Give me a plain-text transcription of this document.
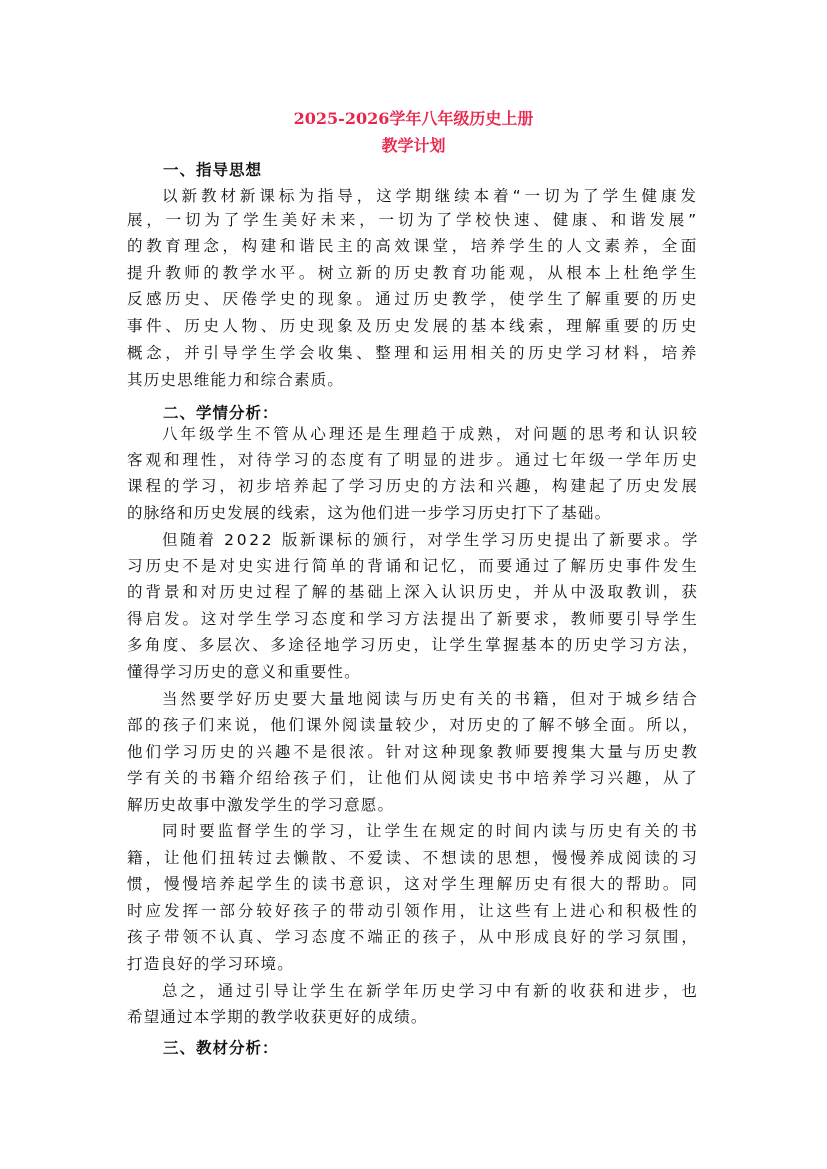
2025-2026学年八年级历史上册
教学计划
一、指导思想
以新教材新课标为指导，这学期继续本着“一切为了学生健康发
展，一切为了学生美好未来，一切为了学校快速、健康、和谐发展”
的教育理念，构建和谐民主的高效课堂，培养学生的人文素养，全面
提升教师的教学水平。树立新的历史教育功能观，从根本上杜绝学生
反感历史、厌倦学史的现象。通过历史教学，使学生了解重要的历史
事件、历史人物、历史现象及历史发展的基本线索，理解重要的历史
概念，并引导学生学会收集、整理和运用相关的历史学习材料，培养
其历史思维能力和综合素质。
二、学情分析：
八年级学生不管从心理还是生理趋于成熟，对问题的思考和认识较
客观和理性，对待学习的态度有了明显的进步。通过七年级一学年历史
课程的学习，初步培养起了学习历史的方法和兴趣，构建起了历史发展
的脉络和历史发展的线索，这为他们进一步学习历史打下了基础。
但随着 2022 版新课标的颁行，对学生学习历史提出了新要求。学
习历史不是对史实进行简单的背诵和记忆，而要通过了解历史事件发生
的背景和对历史过程了解的基础上深入认识历史，并从中汲取教训，获
得启发。这对学生学习态度和学习方法提出了新要求，教师要引导学生
多角度、多层次、多途径地学习历史，让学生掌握基本的历史学习方法，
懂得学习历史的意义和重要性。
当然要学好历史要大量地阅读与历史有关的书籍，但对于城乡结合
部的孩子们来说，他们课外阅读量较少，对历史的了解不够全面。所以，
他们学习历史的兴趣不是很浓。针对这种现象教师要搜集大量与历史教
学有关的书籍介绍给孩子们，让他们从阅读史书中培养学习兴趣，从了
解历史故事中激发学生的学习意愿。
同时要监督学生的学习，让学生在规定的时间内读与历史有关的书
籍，让他们扭转过去懒散、不爱读、不想读的思想，慢慢养成阅读的习
惯，慢慢培养起学生的读书意识，这对学生理解历史有很大的帮助。同
时应发挥一部分较好孩子的带动引领作用，让这些有上进心和积极性的
孩子带领不认真、学习态度不端正的孩子，从中形成良好的学习氛围，
打造良好的学习环境。
总之，通过引导让学生在新学年历史学习中有新的收获和进步，也
希望通过本学期的教学收获更好的成绩。
三、教材分析：
